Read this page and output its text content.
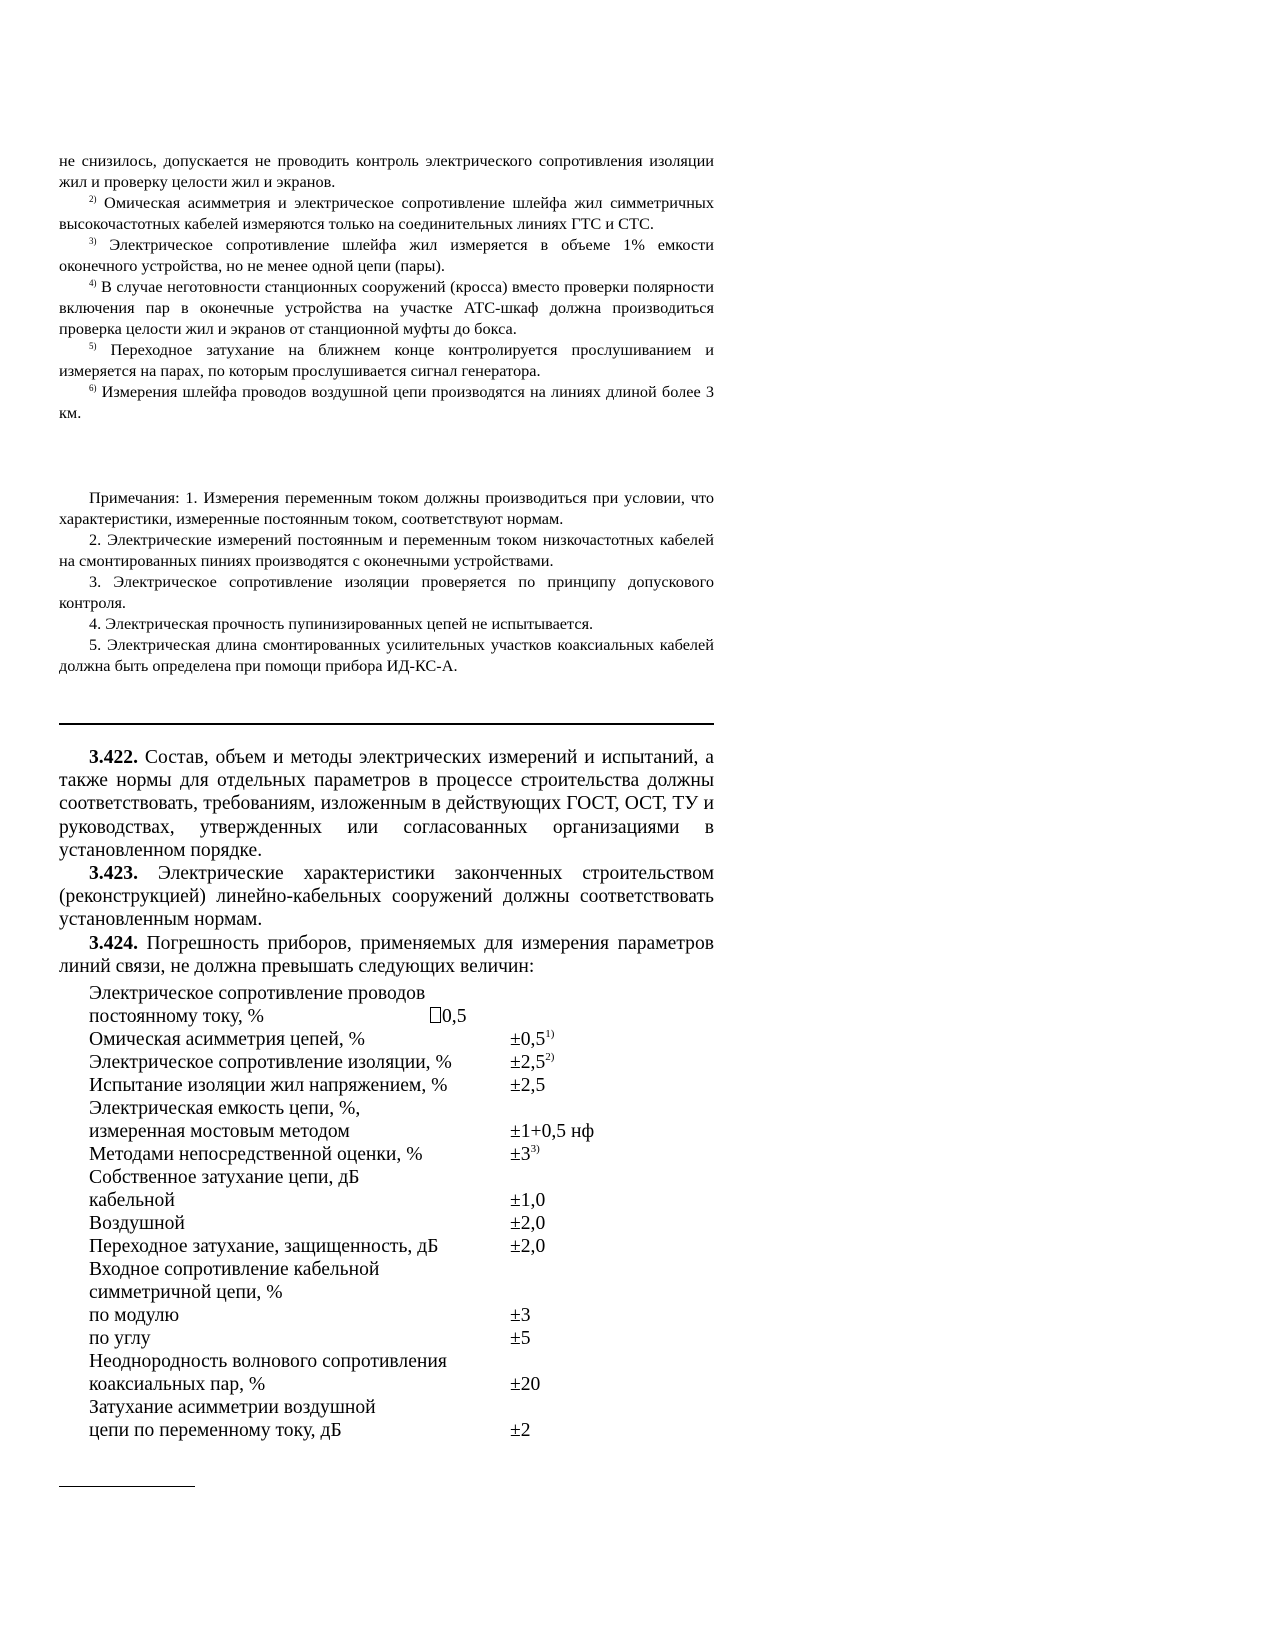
не снизилось, допускается не проводить контроль электрического сопротивления изоляции жил и проверку целости жил и экранов.

$^{2)}$ Омическая асимметрия и электрическое сопротивление шлейфа жил симметричных высокочастотных кабелей измеряются только на соединительных линиях ГТС и СТС.

$^{3)}$ Электрическое сопротивление шлейфа жил измеряется в объеме 1% емкости оконечного устройства, но не менее одной цепи (пары).

$^{4)}$ В случае неготовности станционных сооружений (кросса) вместо проверки полярности включения пар в оконечные устройства на участке АТС-шкаф должна производиться проверка целости жил и экранов от станционной муфты до бокса.

$^{5)}$ Переходное затухание на ближнем конце контролируется прослушиванием и измеряется на парах, по которым прослушивается сигнал генератора.

$^{6)}$ Измерения шлейфа проводов воздушной цепи производятся на линиях длиной более 3 км.

Примечания: 1. Измерения переменным током должны производиться при условии, что характеристики, измеренные постоянным током, соответствуют нормам.

2. Электрические измерений постоянным и переменным током низкочастотных кабелей на смонтированных пиниях производятся с оконечными устройствами.

3. Электрическое сопротивление изоляции проверяется по принципу допускового контроля.

4. Электрическая прочность пупинизированных цепей не испытывается.

5. Электрическая длина смонтированных усилительных участков коаксиальных кабелей должна быть определена при помощи прибора ИД-КС-А.

3.422. Состав, объем и методы электрических измерений и испытаний, а также нормы для отдельных параметров в процессе строительства должны соответствовать, требованиям, изложенным в действующих ГОСТ, ОСТ, ТУ и руководствах, утвержденных или согласованных организациями в установленном порядке.

3.423. Электрические характеристики законченных строительством (реконструкцией) линейно-кабельных сооружений должны соответствовать установленным нормам.

3.424. Погрешность приборов, применяемых для измерения параметров линий связи, не должна превышать следующих величин:

Электрическое сопротивление проводов
постоянному току, %	0,5
Омическая асимметрия цепей, %	$\pm 0,5^{1)}$
Электрическое сопротивление изоляции, %	$\pm 2,5^{2)}$
Испытание изоляции жил напряжением, %	±2,5
Электрическая емкость цепи, %,
измеренная мостовым методом	±1+0,5 нф
Методами непосредственной оценки, %	$\pm 3^{3)}$
Собственное затухание цепи, дБ
кабельной	±1,0
Воздушной	±2,0
Переходное затухание, защищенность, дБ	±2,0
Входное сопротивление кабельной
симметричной цепи, %
по модулю	±3
по углу	±5
Неоднородность волнового сопротивления
коаксиальных пар, %	±20
Затухание асимметрии воздушной
цепи по переменному току, дБ	±2
